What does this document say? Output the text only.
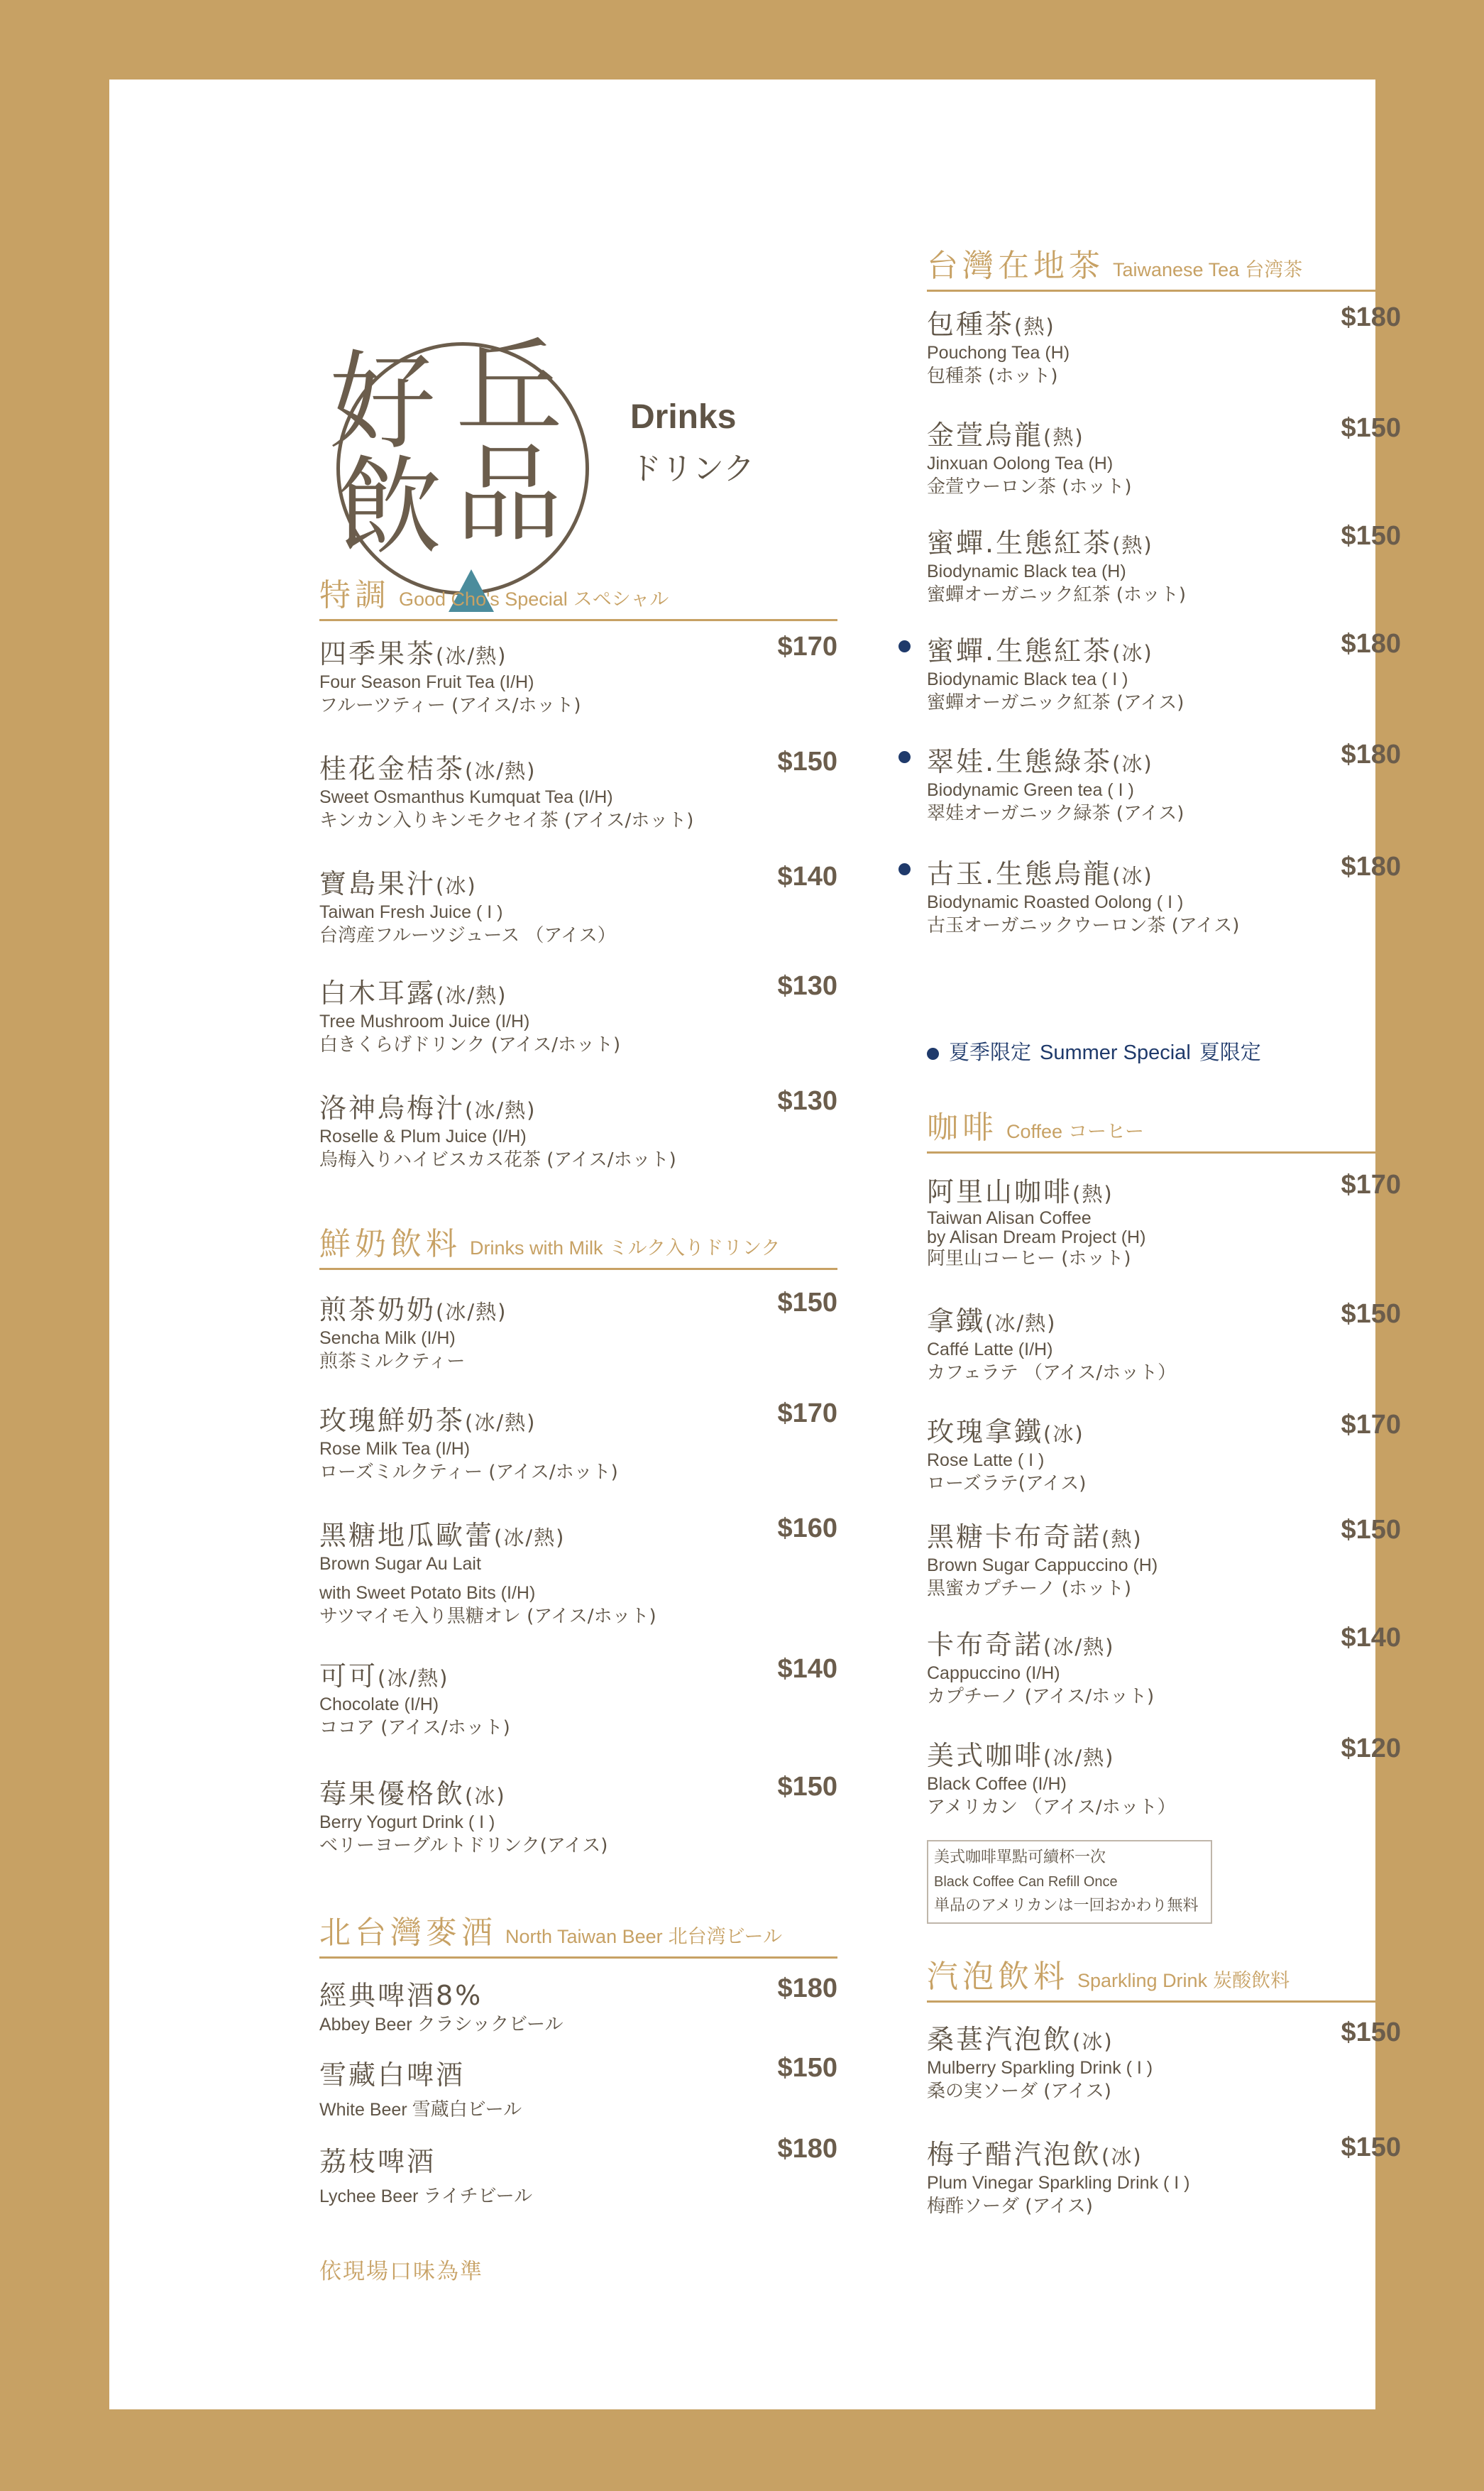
好 丘
飲 品
Drinks
ドリンク
特調 Good Cho's Special スペシャル
四季果茶(冰/熱)	$170
Four Season Fruit Tea (I/H)
フルーツティー (アイス/ホット)
桂花金桔茶(冰/熱)	$150
Sweet Osmanthus Kumquat Tea (I/H)
キンカン入りキンモクセイ茶 (アイス/ホット)
寶島果汁(冰)	$140
Taiwan Fresh Juice ( I )
台湾産フルーツジュース （アイス）
白木耳露(冰/熱)	$130
Tree Mushroom Juice (I/H)
白きくらげドリンク (アイス/ホット)
洛神烏梅汁(冰/熱)	$130
Roselle & Plum Juice (I/H)
烏梅入りハイビスカス花茶 (アイス/ホット)
鮮奶飲料 Drinks with Milk ミルク入りドリンク
煎茶奶奶(冰/熱)	$150
Sencha Milk (I/H)
煎茶ミルクティー
玫瑰鮮奶茶(冰/熱)	$170
Rose Milk Tea (I/H)
ローズミルクティー (アイス/ホット)
黑糖地瓜歐蕾(冰/熱)	$160
Brown Sugar Au Lait
with Sweet Potato Bits (I/H)
サツマイモ入り黒糖オレ (アイス/ホット)
可可(冰/熱)	$140
Chocolate (I/H)
ココア (アイス/ホット)
莓果優格飲(冰)	$150
Berry Yogurt Drink ( I )
ベリーヨーグルトドリンク(アイス)
北台灣麥酒 North Taiwan Beer 北台湾ビール
經典啤酒8%	$180
Abbey Beer クラシックビール
雪藏白啤酒	$150
White Beer 雪蔵白ビール
荔枝啤酒	$180
Lychee Beer ライチビール
依現場口味為準
台灣在地茶 Taiwanese Tea 台湾茶
包種茶(熱)	$180
Pouchong Tea (H)
包種茶 (ホット)
金萱烏龍(熱)	$150
Jinxuan Oolong Tea (H)
金萱ウーロン茶 (ホット)
蜜蟬.生態紅茶(熱)	$150
Biodynamic Black tea (H)
蜜蟬オーガニック紅茶 (ホット)
蜜蟬.生態紅茶(冰)	$180
Biodynamic Black tea ( I )
蜜蟬オーガニック紅茶 (アイス)
翠娃.生態綠茶(冰)	$180
Biodynamic Green tea ( I )
翠娃オーガニック緑茶 (アイス)
古玉.生態烏龍(冰)	$180
Biodynamic Roasted Oolong ( I )
古玉オーガニックウーロン茶 (アイス)
夏季限定 Summer Special 夏限定
咖啡 Coffee コーヒー
阿里山咖啡(熱)	$170
Taiwan Alisan Coffee
by Alisan Dream Project (H)
阿里山コーヒー (ホット)
拿鐵(冰/熱)	$150
Caffé Latte (I/H)
カフェラテ （アイス/ホット）
玫瑰拿鐵(冰)	$170
Rose Latte ( I )
ローズラテ(アイス)
黑糖卡布奇諾(熱)	$150
Brown Sugar Cappuccino (H)
黒蜜カプチーノ (ホット)
卡布奇諾(冰/熱)	$140
Cappuccino (I/H)
カプチーノ (アイス/ホット)
美式咖啡(冰/熱)	$120
Black Coffee (I/H)
アメリカン （アイス/ホット）
美式咖啡單點可續杯一次
Black Coffee Can Refill Once
単品のアメリカンは一回おかわり無料
汽泡飲料 Sparkling Drink 炭酸飲料
桑葚汽泡飲(冰)	$150
Mulberry Sparkling Drink ( I )
桑の実ソーダ (アイス)
梅子醋汽泡飲(冰)	$150
Plum Vinegar Sparkling Drink ( I )
梅酢ソーダ (アイス)
